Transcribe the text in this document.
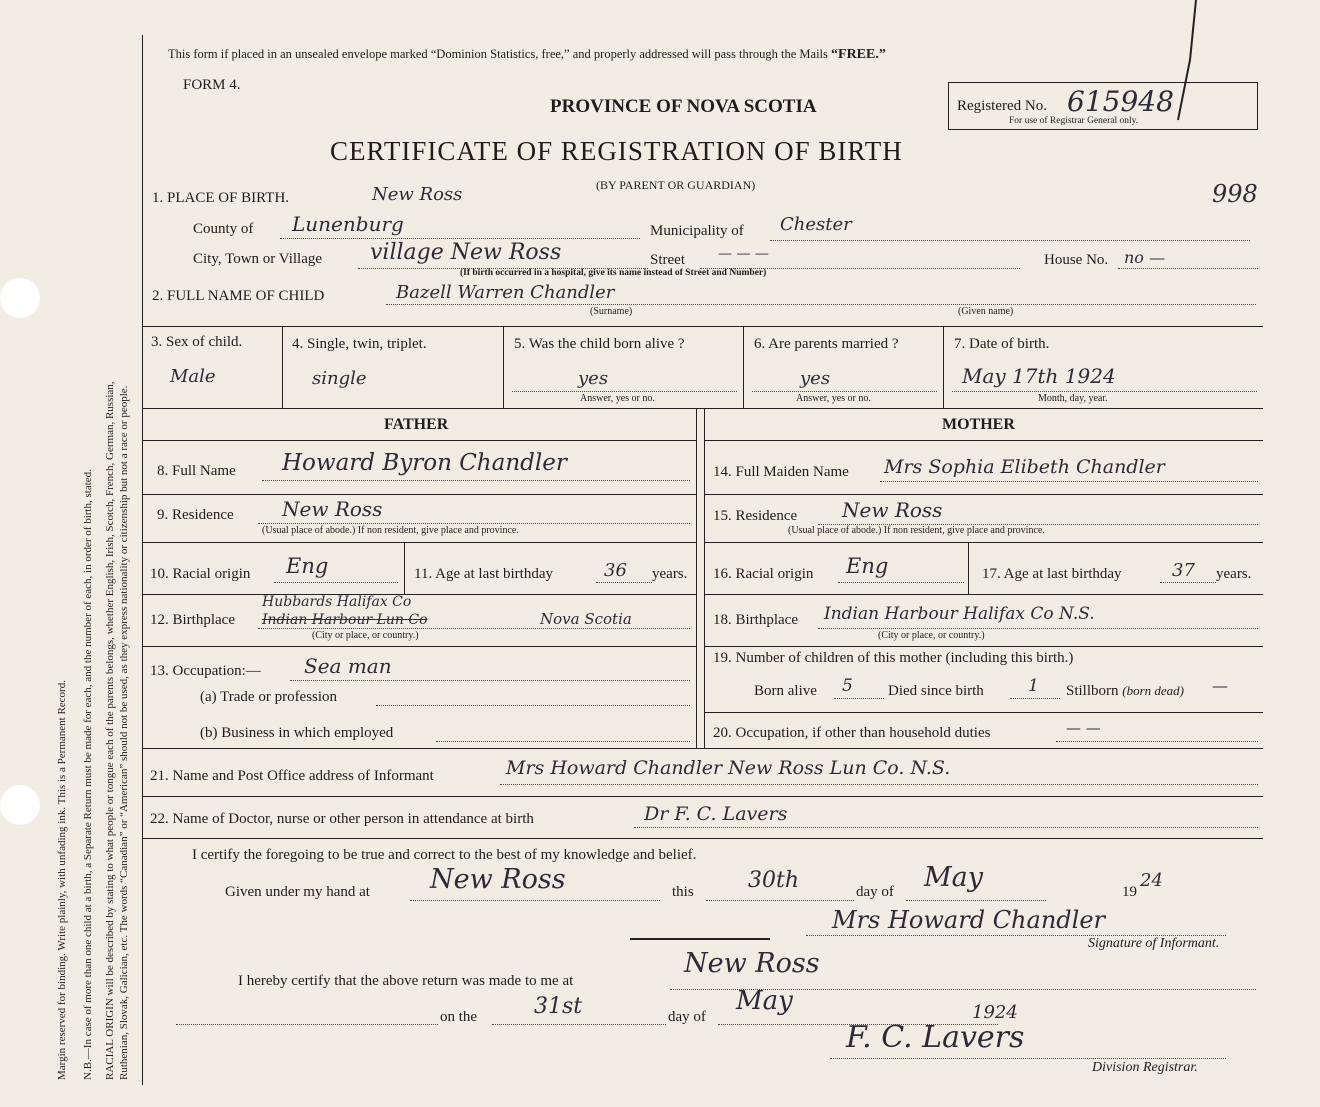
Margin reserved for binding. Write plainly, with unfading ink. This is a Permanent Record. N.B.—In case of more than one child at a birth, a Separate Return must be made for each, and the number of each, in order of birth, stated. RACIAL ORIGIN will be described by stating to what people or tongue each of the parents belongs, whether English, Irish, Scotch, French, German, Russian, Ruthenian, Slovak, Galician, etc. The words “Canadian” or “American” should not be used, as they express nationality or citizenship but not a race or people.
This form if placed in an unsealed envelope marked “Dominion Statistics, free,” and properly addressed will pass through the Mails “FREE.”
FORM 4.
PROVINCE OF NOVA SCOTIA
CERTIFICATE OF REGISTRATION OF BIRTH
(BY PARENT OR GUARDIAN)
Registered No. 615948
For use of Registrar General only.
998
1. PLACE OF BIRTH.	New Ross
County of Lunenburg	Municipality of Chester
City, Town or Village village New Ross	Street — — —	House No. no —
(If birth occurred in a hospital, give its name instead of Street and Number)
2. FULL NAME OF CHILD	Bazell Warren Chandler
(Surname)	(Given name)
3. Sex of child.
Male
4. Single, twin, triplet.
single
5. Was the child born alive ?
yes
Answer, yes or no.
6. Are parents married ?
yes
Answer, yes or no.
7. Date of birth.
May 17th 1924
Month, day, year.
FATHER	MOTHER
8. Full Name Howard Byron Chandler
9. Residence New Ross
(Usual place of abode.) If non resident, give place and province.
10. Racial origin Eng	11. Age at last birthday	36 years.
12. Birthplace
Hubbards Halifax Co
Indian Harbour Lun Co	Nova Scotia
(City or place, or country.)
13. Occupation:— Sea man
(a) Trade or profession
(b) Business in which employed
14. Full Maiden Name Mrs Sophia Elibeth Chandler
15. Residence New Ross
(Usual place of abode.) If non resident, give place and province.
16. Racial origin Eng	17. Age at last birthday	37 years.
18. Birthplace Indian Harbour Halifax Co N.S.
(City or place, or country.)
19. Number of children of this mother (including this birth.)
Born alive 5 Died since birth	1 Stillborn (born dead) —
20. Occupation, if other than household duties	— —
21. Name and Post Office address of Informant	Mrs Howard Chandler New Ross Lun Co. N.S.
22. Name of Doctor, nurse or other person in attendance at birth	Dr F. C. Lavers
I certify the foregoing to be true and correct to the best of my knowledge and belief.
Given under my hand at New Ross	this 30th	day of May	19
24
Mrs Howard Chandler
Signature of Informant.
I hereby certify that the above return was made to me at
New Ross
on the	31st	day of
May	1924
F. C. Lavers
Division Registrar.
